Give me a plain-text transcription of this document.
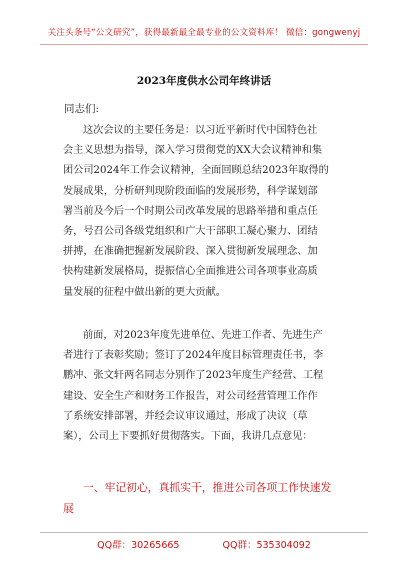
关注头条号“公文研究”，获得最新最全最专业的公文资料库！ 微信：gongwenyj
2023年度供水公司年终讲话
同志们:
这次会议的主要任务是：以习近平新时代中国特色社
会主义思想为指导，深入学习贯彻党的XX大会议精神和集
团公司2024年工作会议精神，全面回顾总结2023年取得的
发展成果，分析研判现阶段面临的发展形势，科学谋划部
署当前及今后一个时期公司改革发展的思路举措和重点任
务，号召公司各级党组织和广大干部职工凝心聚力、团结
拼搏，在准确把握新发展阶段、深入贯彻新发展理念、加
快构建新发展格局，提振信心全面推进公司各项事业高质
量发展的征程中做出新的更大贡献。
前面，对2023年度先进单位、先进工作者、先进生产
者进行了表彰奖励；签订了2024年度目标管理责任书，李
鹏冲、张文轩两名同志分别作了2023年度生产经营、工程
建设、安全生产和财务工作报告，对公司经营管理工作作
了系统安排部署，并经会议审议通过，形成了决议（草
案），公司上下要抓好贯彻落实。下面，我讲几点意见：
一、牢记初心，真抓实干，推进公司各项工作快速发
展
QQ群：30265665	QQ群：535304092
